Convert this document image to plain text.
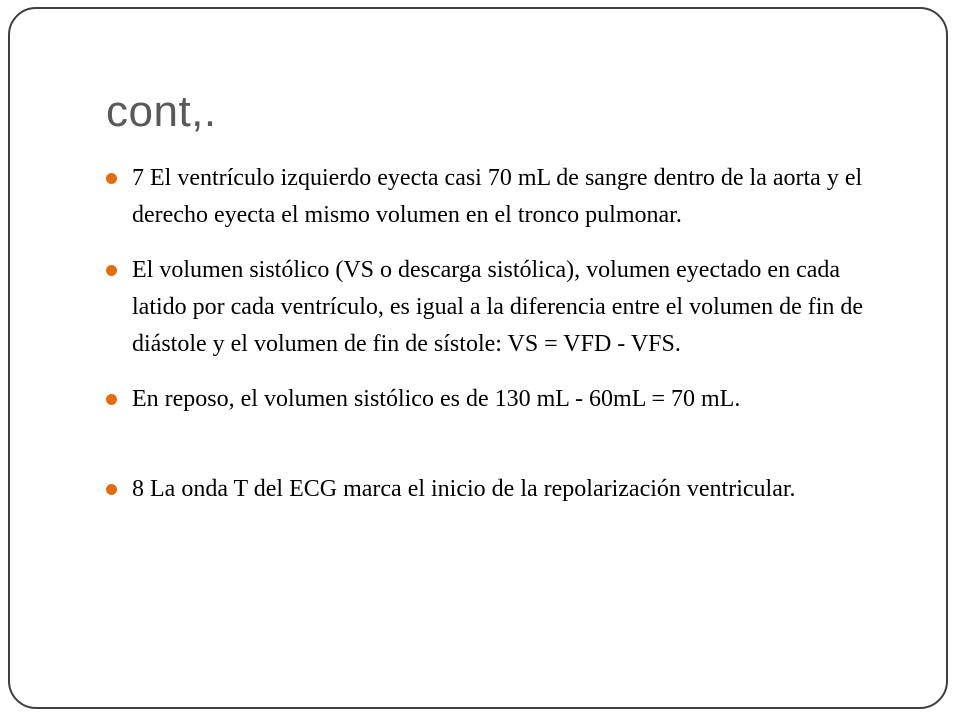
cont,.
7 El ventrículo izquierdo eyecta casi 70 mL de sangre dentro de la aorta y el derecho eyecta el mismo volumen en el tronco pulmonar.
El volumen sistólico (VS o descarga sistólica), volumen eyectado en cada latido por cada ventrículo, es igual a la diferencia entre el volumen de fin de diástole y el volumen de fin de sístole: VS = VFD - VFS.
En reposo, el volumen sistólico es de 130 mL - 60mL = 70 mL.
8 La onda T del ECG marca el inicio de la repolarización ventricular.
